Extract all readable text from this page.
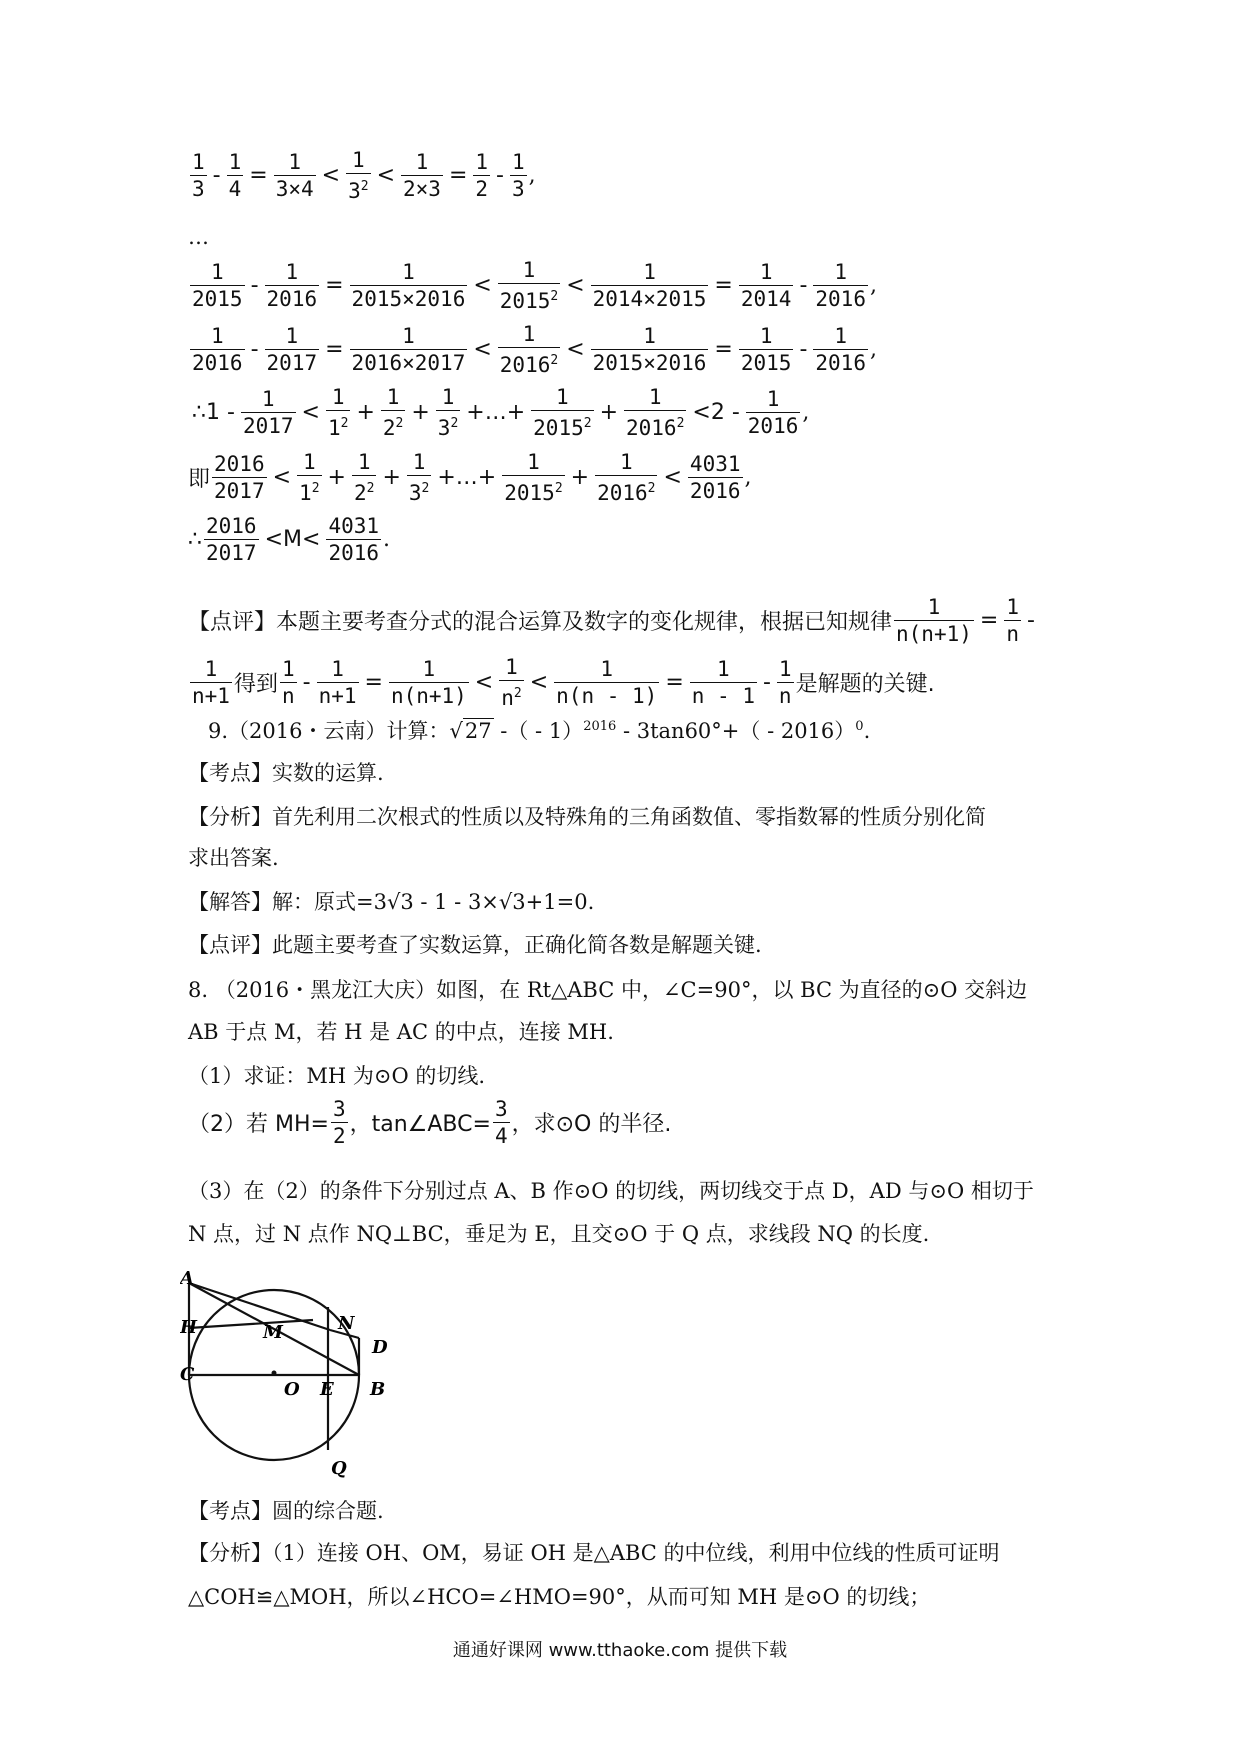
$\frac{1}{3} - \frac{1}{4} = \frac{1}{3\times 4} < \frac{1}{3^2} < \frac{1}{2\times 3} = \frac{1}{2} - \frac{1}{3}$ ,
…
$\frac{1}{2015} - \frac{1}{2016} = \frac{1}{2015\times 2016} < \frac{1}{2015^2} < \frac{1}{2014\times 2015} = \frac{1}{2014} - \frac{1}{2016}$ ,
$\frac{1}{2016} - \frac{1}{2017} = \frac{1}{2016\times 2017} < \frac{1}{2016^2} < \frac{1}{2015\times 2016} = \frac{1}{2015} - \frac{1}{2016}$ ,
∴1 - $\frac{1}{2017} < \frac{1}{1^2} + \frac{1}{2^2} + \frac{1}{3^2}$ +…+ $\frac{1}{2015^2} + \frac{1}{2016^2} <2 - \frac{1}{2016}$ ,
即 $\frac{2016}{2017} < \frac{1}{1^2} + \frac{1}{2^2} + \frac{1}{3^2}$ +…+ $\frac{1}{2015^2} + \frac{1}{2016^2} < \frac{4031}{2016}$ ,
∴ $\frac{2016}{2017} <M< \frac{4031}{2016}$ .
【点评】本题主要考查分式的混合运算及数字的变化规律，根据已知规律 $\frac{1}{n(n+1)} = \frac{1}{n}$ -
$\frac{1}{n+1}$ 得到 $\frac{1}{n} - \frac{1}{n+1} = \frac{1}{n(n+1)} < \frac{1}{n^2} < \frac{1}{n(n - 1)} = \frac{1}{n - 1} - \frac{1}{n}$ 是解题的关键.
9.（2016・云南）计算：√27 -（ - 1）$^{2016}$ - 3tan60°+（ - 2016）$^0$.
【考点】实数的运算.
【分析】首先利用二次根式的性质以及特殊角的三角函数值、零指数幂的性质分别化简
求出答案.
【解答】解：原式=3√3 - 1 - 3×√3+1=0.
【点评】此题主要考查了实数运算，正确化简各数是解题关键.
8. （2016・黑龙江大庆）如图，在 Rt△ABC 中，∠C=90°，以 BC 为直径的⊙O 交斜边
AB 于点 M，若 H 是 AC 的中点，连接 MH.
（1）求证：MH 为⊙O 的切线.
（2）若 $MH= \frac{3}{2}$ ，tan∠ABC= $\frac{3}{4}$ ，求⊙O 的半径.
（3）在（2）的条件下分别过点 A、B 作⊙O 的切线，两切线交于点 D，AD 与⊙O 相切于
N 点，过 N 点作 NQ⊥BC，垂足为 E，且交⊙O 于 Q 点，求线段 NQ 的长度.
A
H	M	N
D
C
O E B
Q
【考点】圆的综合题.
【分析】（1）连接 OH、OM，易证 OH 是△ABC 的中位线，利用中位线的性质可证明
△COH≌△MOH，所以∠HCO=∠HMO=90°，从而可知 MH 是⊙O 的切线；
通通好课网 www.tthaoke.com 提供下载
